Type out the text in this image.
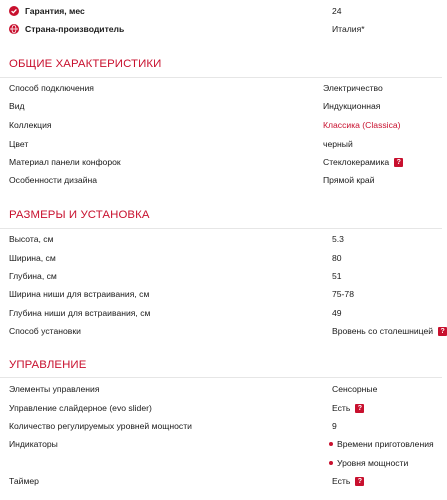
Гарантия, мес	24
Страна-производитель	Италия*
ОБЩИЕ ХАРАКТЕРИСТИКИ
Способ подключения	Электричество
Вид	Индукционная
Коллекция	Классика (Classica)
Цвет	черный
Материал панели конфорок	Стеклокерамика	?
Особенности дизайна	Прямой край
РАЗМЕРЫ И УСТАНОВКА
Высота, см	5.3
Ширина, см	80
Глубина, см	51
Ширина ниши для встраивания, см	75-78
Глубина ниши для встраивания, см	49
Способ установки	Вровень со столешницей	?
УПРАВЛЕНИЕ
Элементы управления	Сенсорные
Управление слайдерное (evo slider)	Есть	?
Количество регулируемых уровней мощности	9
Индикаторы	Времени приготовления
Уровня мощности
Таймер	Есть	?
